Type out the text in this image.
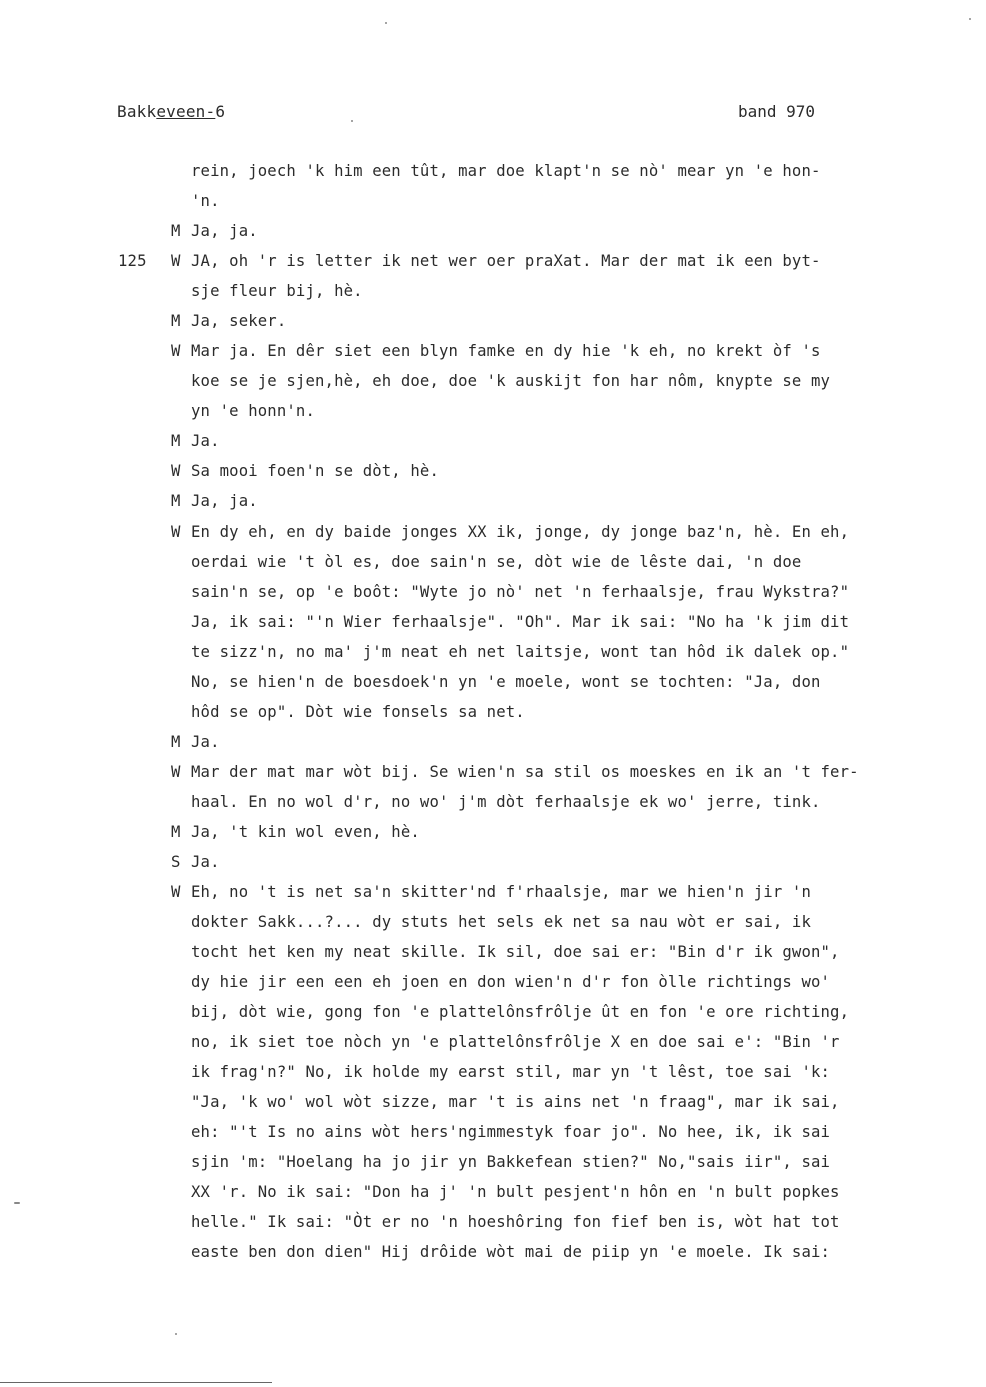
Bakkeveen-6	band 970
rein, joech 'k him een tût, mar doe klapt'n se nò' mear yn 'e hon-
'n.
M Ja, ja.
125 W JA, oh 'r is letter ik net wer oer praXat. Mar der mat ik een byt-
sje fleur bij, hè.
M Ja, seker.
W Mar ja. En dêr siet een blyn famke en dy hie 'k eh, no krekt òf 's
koe se je sjen,hè, eh doe, doe 'k auskijt fon har nôm, knypte se my
yn 'e honn'n.
M Ja.
W Sa mooi foen'n se dòt, hè.
M Ja, ja.
W En dy eh, en dy baide jonges XX ik, jonge, dy jonge baz'n, hè. En eh,
oerdai wie 't òl es, doe sain'n se, dòt wie de lêste dai, 'n doe
sain'n se, op 'e boôt: "Wyte jo nò' net 'n ferhaalsje, frau Wykstra?"
Ja, ik sai: "'n Wier ferhaalsje". "Oh". Mar ik sai: "No ha 'k jim dit
te sizz'n, no ma' j'm neat eh net laitsje, wont tan hôd ik dalek op."
No, se hien'n de boesdoek'n yn 'e moele, wont se tochten: "Ja, don
hôd se op". Dòt wie fonsels sa net.
M Ja.
W Mar der mat mar wòt bij. Se wien'n sa stil os moeskes en ik an 't fer-
haal. En no wol d'r, no wo' j'm dòt ferhaalsje ek wo' jerre, tink.
M Ja, 't kin wol even, hè.
S Ja.
W Eh, no 't is net sa'n skitter'nd f'rhaalsje, mar we hien'n jir 'n
dokter Sakk...?... dy stuts het sels ek net sa nau wòt er sai, ik
tocht het ken my neat skille. Ik sil, doe sai er: "Bin d'r ik gwon",
dy hie jir een een eh joen en don wien'n d'r fon òlle richtings wo'
bij, dòt wie, gong fon 'e plattelônsfrôlje ût en fon 'e ore richting,
no, ik siet toe nòch yn 'e plattelônsfrôlje X en doe sai e': "Bin 'r
ik frag'n?" No, ik holde my earst stil, mar yn 't lêst, toe sai 'k:
"Ja, 'k wo' wol wòt sizze, mar 't is ains net 'n fraag", mar ik sai,
eh: "'t Is no ains wòt hers'ngimmestyk foar jo". No hee, ik, ik sai
sjin 'm: "Hoelang ha jo jir yn Bakkefean stien?" No,"sais iir", sai
XX 'r. No ik sai: "Don ha j' 'n bult pesjent'n hôn en 'n bult popkes
helle." Ik sai: "Òt er no 'n hoeshôring fon fief ben is, wòt hat tot
easte ben don dien" Hij drôide wòt mai de piip yn 'e moele. Ik sai:
